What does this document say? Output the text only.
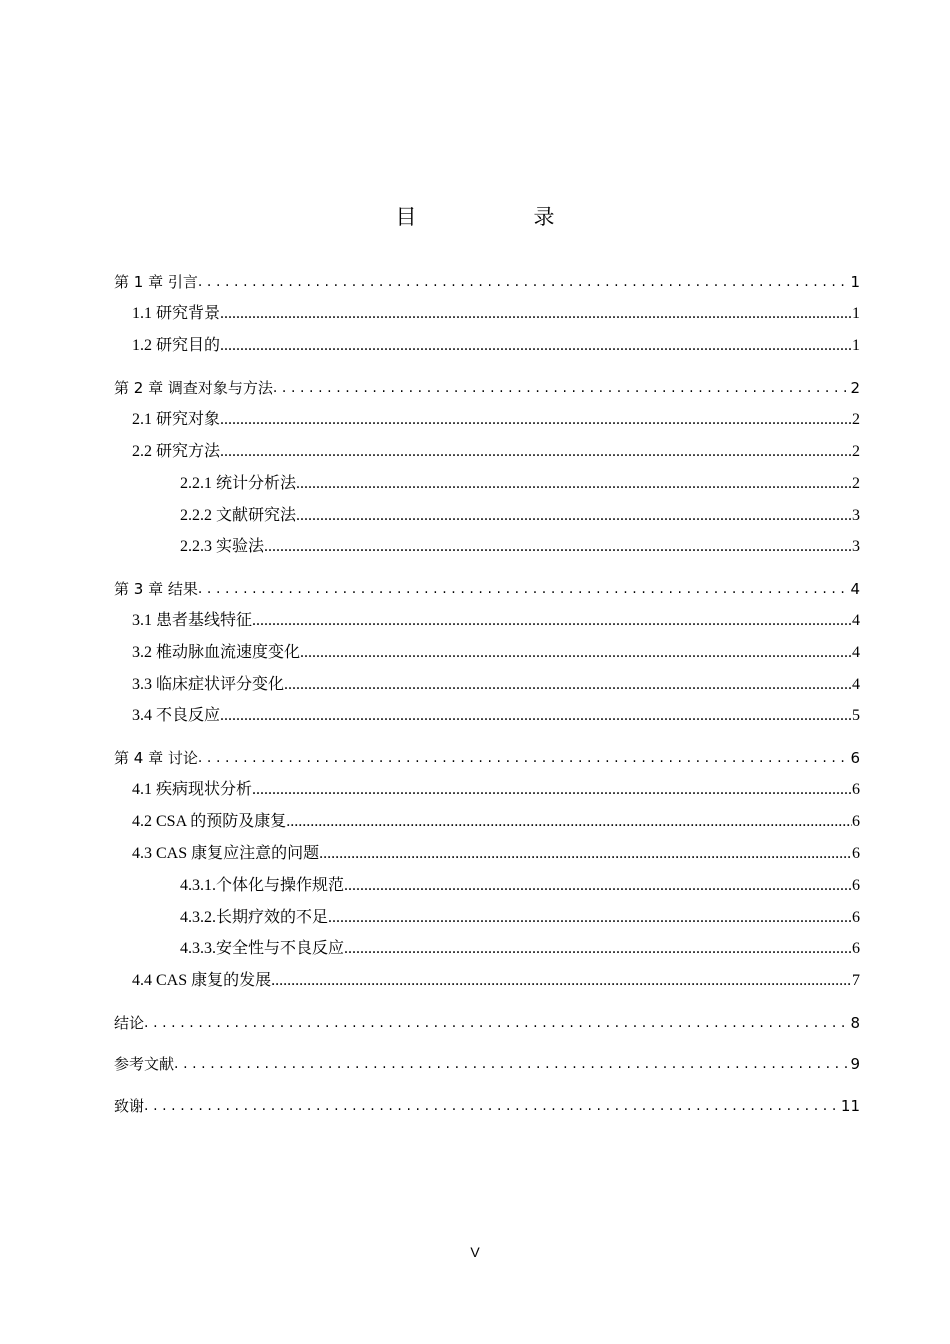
目　录
第 1 章 引言 .....	1
1.1 研究背景 .....	1
1.2 研究目的 .....	1
第 2 章 调查对象与方法 .....	2
2.1 研究对象 .....	2
2.2 研究方法 .....	2
2.2.1 统计分析法 .....	2
2.2.2 文献研究法 .....	3
2.2.3 实验法 .....	3
第 3 章 结果 .....	4
3.1 患者基线特征 .....	4
3.2 椎动脉血流速度变化 .....	4
3.3 临床症状评分变化 .....	4
3.4 不良反应 .....	5
第 4 章 讨论 .....	6
4.1 疾病现状分析 .....	6
4.2 CSA 的预防及康复 .....	6
4.3 CAS 康复应注意的问题 .....	6
4.3.1.个体化与操作规范 .....	6
4.3.2.长期疗效的不足 .....	6
4.3.3.安全性与不良反应 .....	6
4.4 CAS 康复的发展 .....	7
结论 .....	8
参考文献 .....	9
致谢 .....	11
V
